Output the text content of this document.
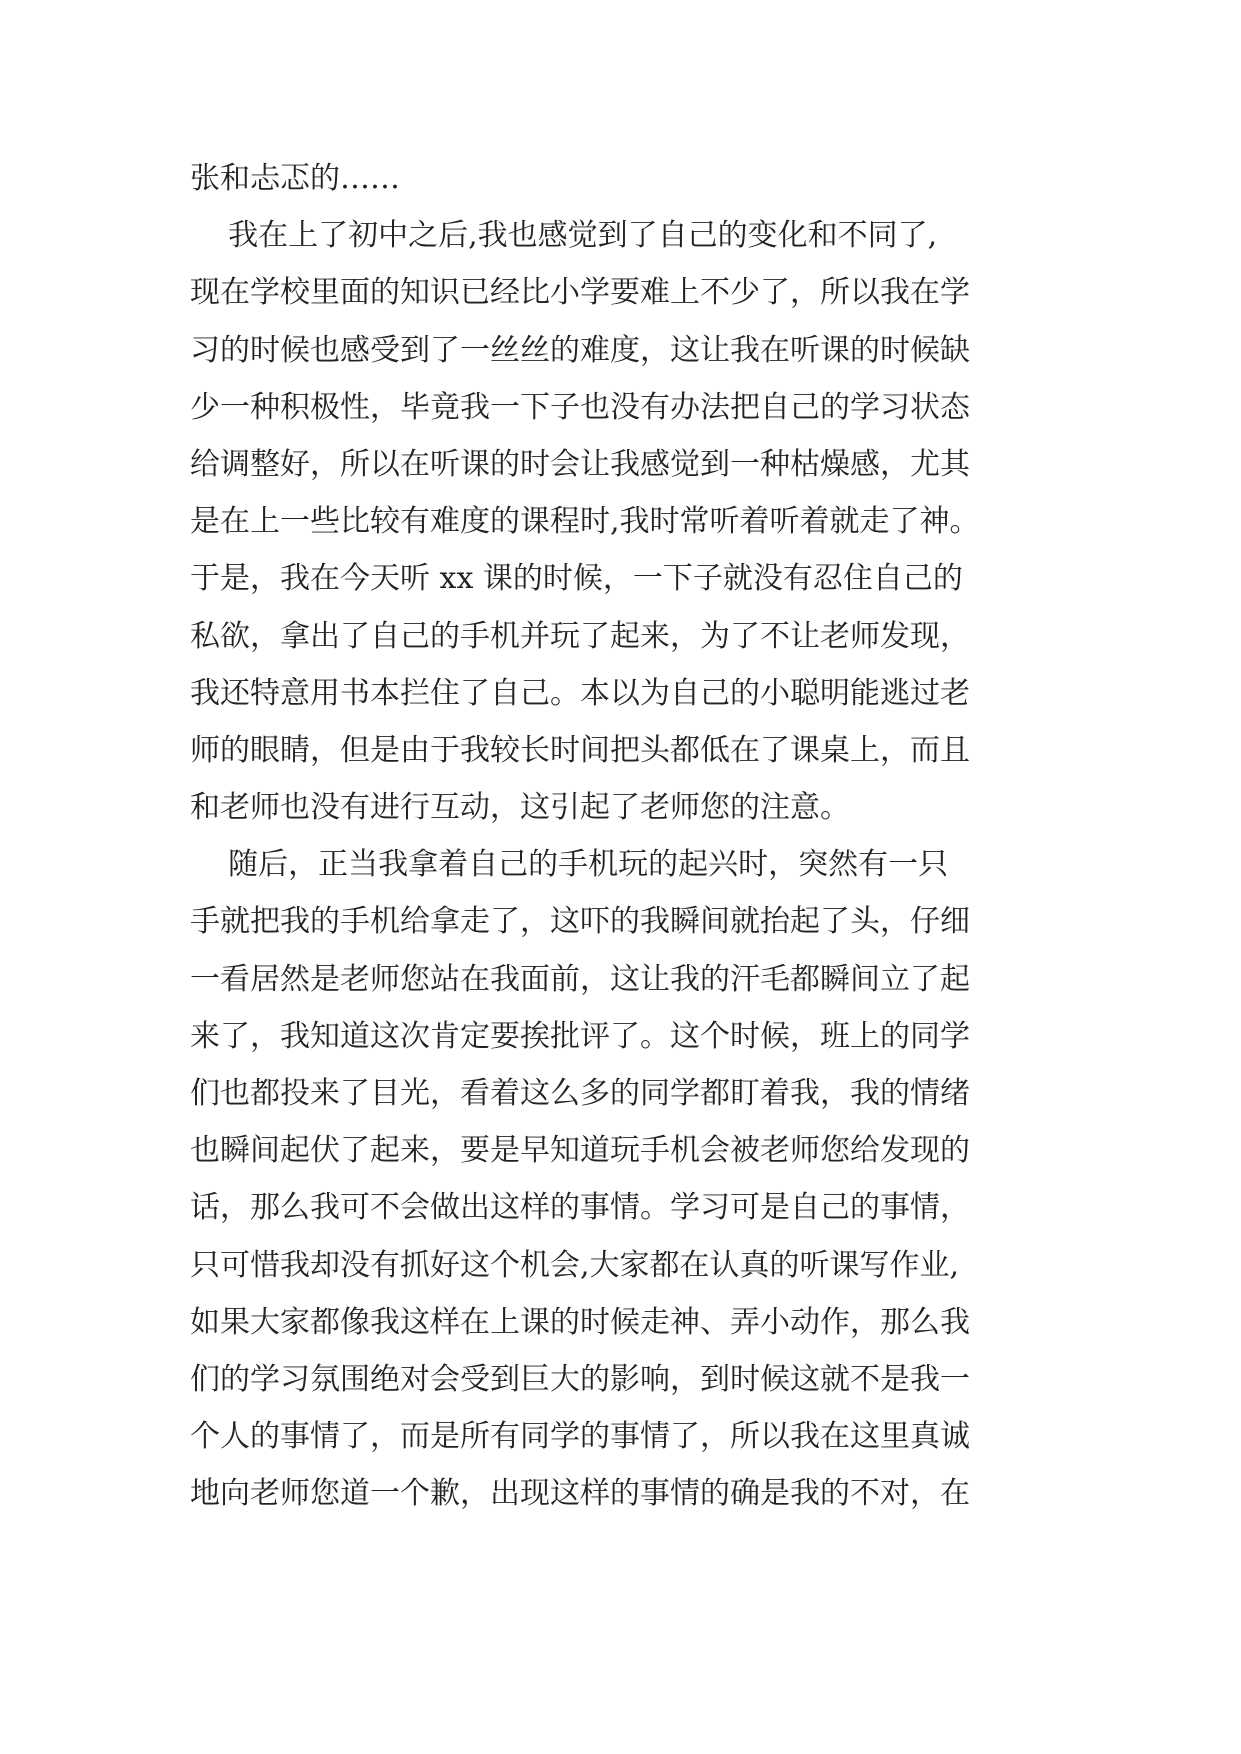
张和忐忑的……
我在上了初中之后,我也感觉到了自己的变化和不同了,
现在学校里面的知识已经比小学要难上不少了，所以我在学
习的时候也感受到了一丝丝的难度，这让我在听课的时候缺
少一种积极性，毕竟我一下子也没有办法把自己的学习状态
给调整好，所以在听课的时会让我感觉到一种枯燥感，尤其
是在上一些比较有难度的课程时,我时常听着听着就走了神。
于是，我在今天听 xx 课的时候，一下子就没有忍住自己的
私欲，拿出了自己的手机并玩了起来，为了不让老师发现，
我还特意用书本拦住了自己。本以为自己的小聪明能逃过老
师的眼睛，但是由于我较长时间把头都低在了课桌上，而且
和老师也没有进行互动，这引起了老师您的注意。
随后，正当我拿着自己的手机玩的起兴时，突然有一只
手就把我的手机给拿走了，这吓的我瞬间就抬起了头，仔细
一看居然是老师您站在我面前，这让我的汗毛都瞬间立了起
来了，我知道这次肯定要挨批评了。这个时候，班上的同学
们也都投来了目光，看着这么多的同学都盯着我，我的情绪
也瞬间起伏了起来，要是早知道玩手机会被老师您给发现的
话，那么我可不会做出这样的事情。学习可是自己的事情，
只可惜我却没有抓好这个机会,大家都在认真的听课写作业,
如果大家都像我这样在上课的时候走神、弄小动作，那么我
们的学习氛围绝对会受到巨大的影响，到时候这就不是我一
个人的事情了，而是所有同学的事情了，所以我在这里真诚
地向老师您道一个歉，出现这样的事情的确是我的不对，在
